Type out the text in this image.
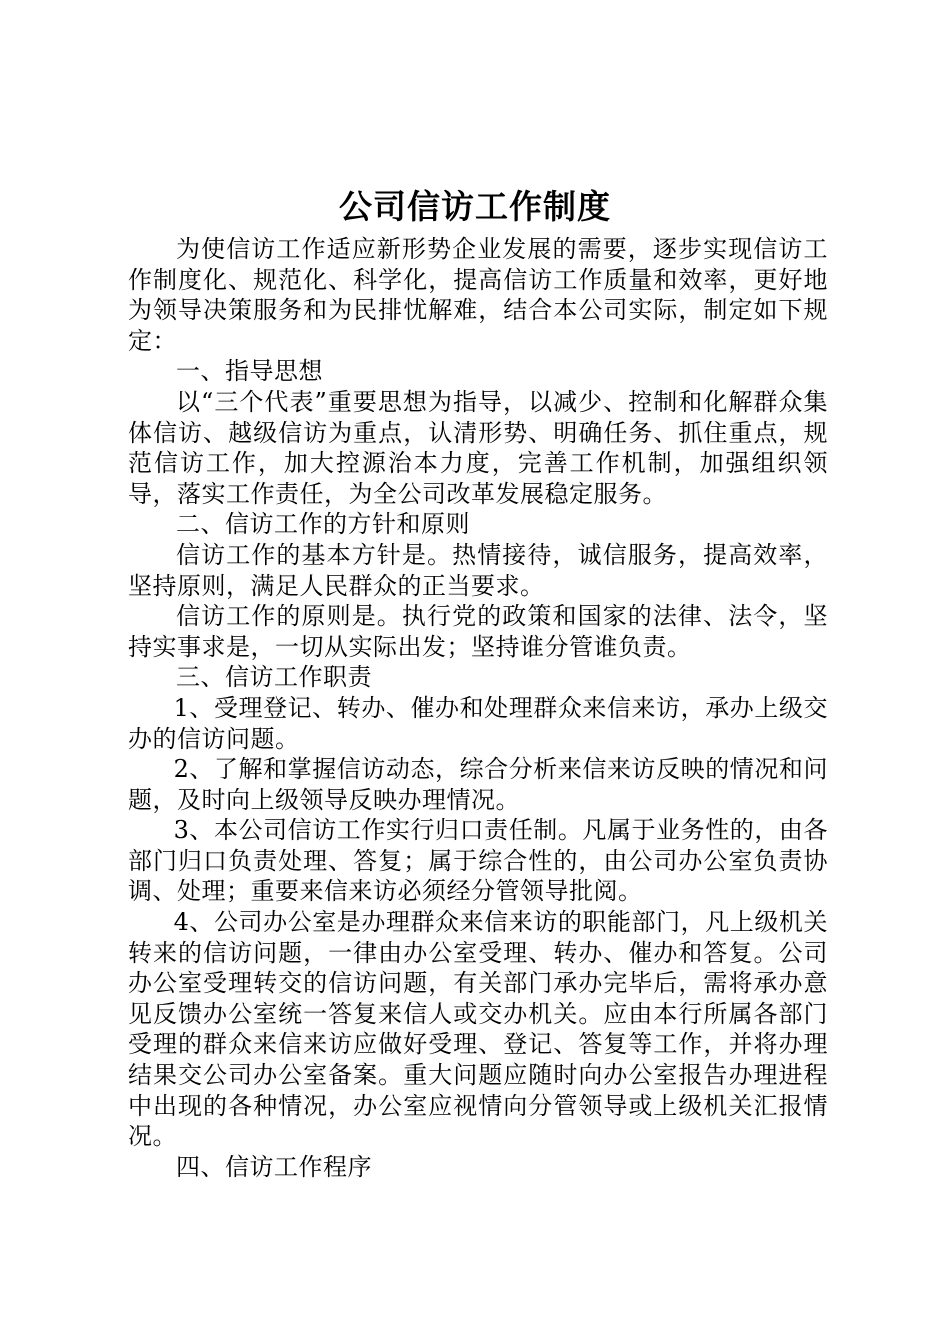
公司信访工作制度

为使信访工作适应新形势企业发展的需要，逐步实现信访工作制度化、规范化、科学化，提高信访工作质量和效率，更好地为领导决策服务和为民排忧解难，结合本公司实际，制定如下规定：

一、指导思想

以“三个代表”重要思想为指导，以减少、控制和化解群众集体信访、越级信访为重点，认清形势、明确任务、抓住重点，规范信访工作，加大控源治本力度，完善工作机制，加强组织领导，落实工作责任，为全公司改革发展稳定服务。

二、信访工作的方针和原则

信访工作的基本方针是。热情接待，诚信服务，提高效率，坚持原则，满足人民群众的正当要求。

信访工作的原则是。执行党的政策和国家的法律、法令，坚持实事求是，一切从实际出发；坚持谁分管谁负责。

三、信访工作职责

1、受理登记、转办、催办和处理群众来信来访，承办上级交办的信访问题。

2、了解和掌握信访动态，综合分析来信来访反映的情况和问题，及时向上级领导反映办理情况。

3、本公司信访工作实行归口责任制。凡属于业务性的，由各部门归口负责处理、答复；属于综合性的，由公司办公室负责协调、处理；重要来信来访必须经分管领导批阅。

4、公司办公室是办理群众来信来访的职能部门，凡上级机关转来的信访问题，一律由办公室受理、转办、催办和答复。公司办公室受理转交的信访问题，有关部门承办完毕后，需将承办意见反馈办公室统一答复来信人或交办机关。应由本行所属各部门受理的群众来信来访应做好受理、登记、答复等工作，并将办理结果交公司办公室备案。重大问题应随时向办公室报告办理进程中出现的各种情况，办公室应视情向分管领导或上级机关汇报情况。

四、信访工作程序
